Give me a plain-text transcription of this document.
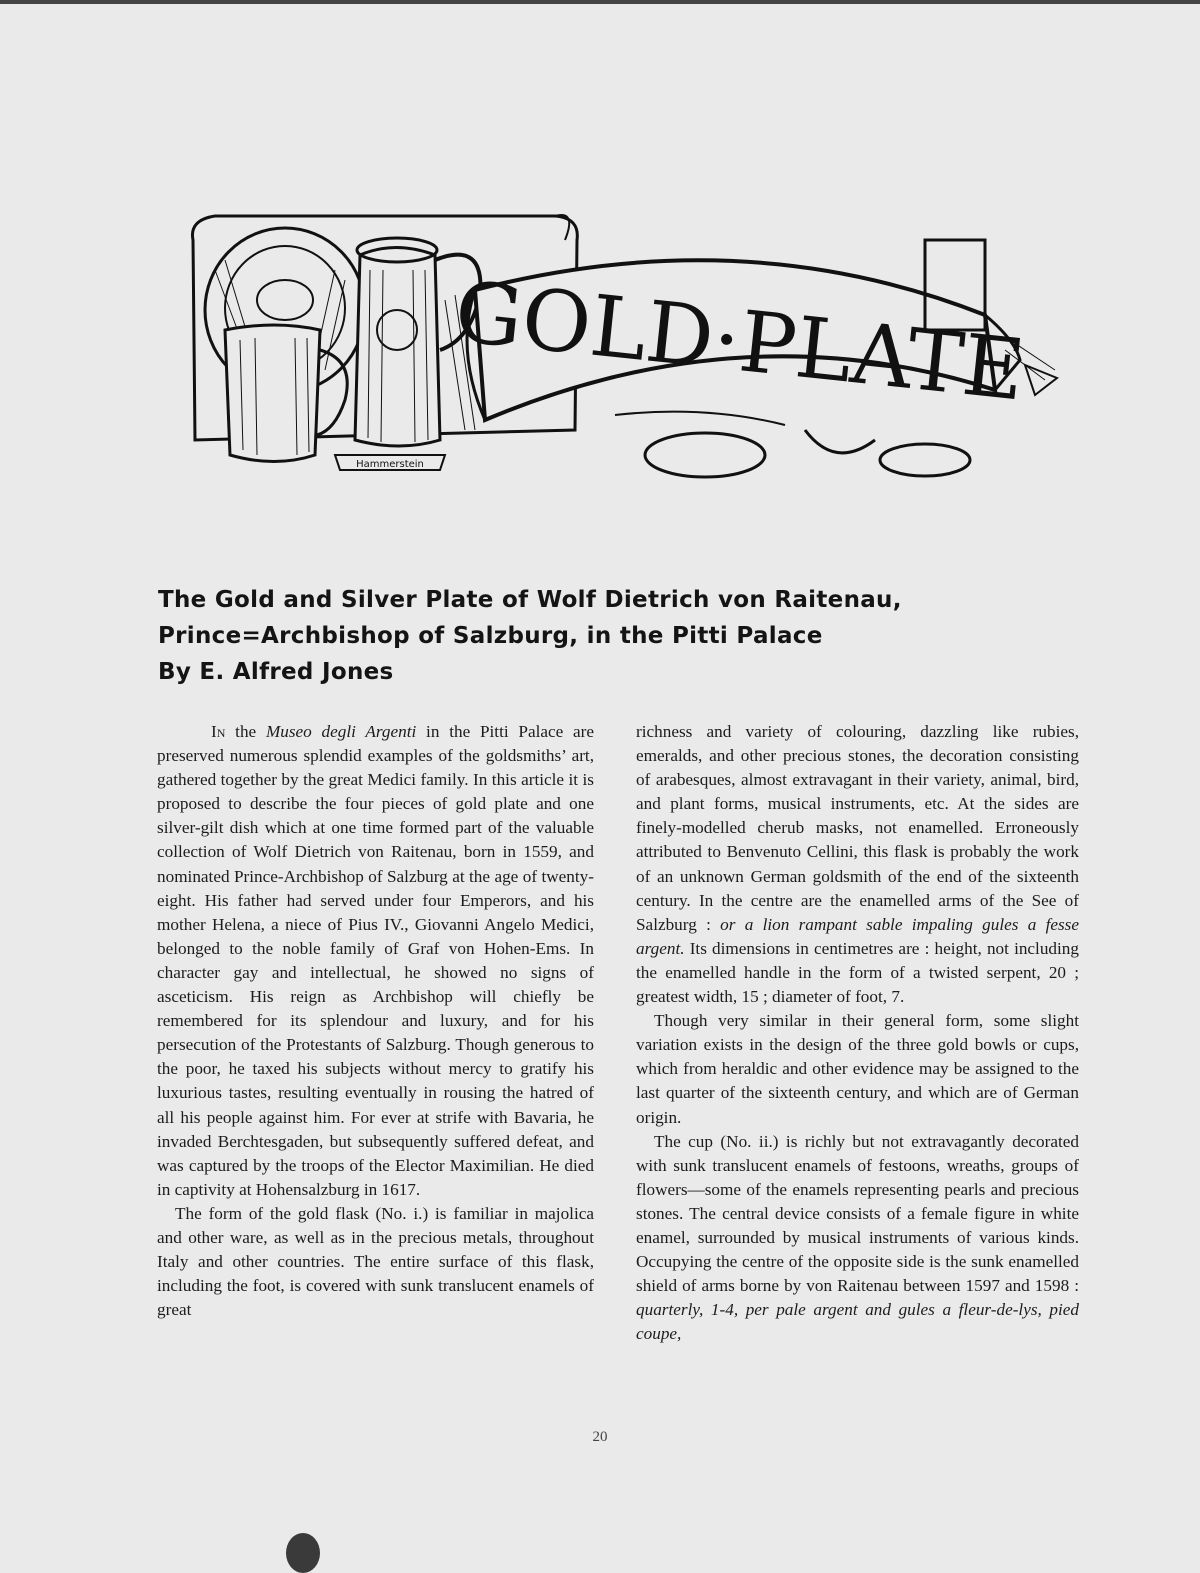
Hammerstein
GOLD·PLATE
The Gold and Silver Plate of Wolf Dietrich von Raitenau,
Prince=Archbishop of Salzburg, in the Pitti Palace
By E. Alfred Jones

In the Museo degli Argenti in the Pitti Palace are preserved numerous splendid examples of the goldsmiths’ art, gathered together by the great Medici family. In this article it is proposed to describe the four pieces of gold plate and one silver-gilt dish which at one time formed part of the valuable collection of Wolf Dietrich von Raitenau, born in 1559, and nominated Prince-Archbishop of Salzburg at the age of twenty-eight. His father had served under four Emperors, and his mother Helena, a niece of Pius IV., Giovanni Angelo Medici, belonged to the noble family of Graf von Hohen-Ems. In character gay and intellectual, he showed no signs of asceticism. His reign as Archbishop will chiefly be remembered for its splendour and luxury, and for his persecution of the Protestants of Salzburg. Though generous to the poor, he taxed his subjects without mercy to gratify his luxurious tastes, resulting eventually in rousing the hatred of all his people against him. For ever at strife with Bavaria, he invaded Berchtesgaden, but subsequently suffered defeat, and was captured by the troops of the Elector Maximilian. He died in captivity at Hohensalzburg in 1617.

The form of the gold flask (No. i.) is familiar in majolica and other ware, as well as in the precious metals, throughout Italy and other countries. The entire surface of this flask, including the foot, is covered with sunk translucent enamels of great

richness and variety of colouring, dazzling like rubies, emeralds, and other precious stones, the decoration consisting of arabesques, almost extravagant in their variety, animal, bird, and plant forms, musical instruments, etc. At the sides are finely-modelled cherub masks, not enamelled. Erroneously attributed to Benvenuto Cellini, this flask is probably the work of an unknown German goldsmith of the end of the sixteenth century. In the centre are the enamelled arms of the See of Salzburg : or a lion rampant sable impaling gules a fesse argent. Its dimensions in centimetres are : height, not including the enamelled handle in the form of a twisted serpent, 20 ; greatest width, 15 ; diameter of foot, 7.

Though very similar in their general form, some slight variation exists in the design of the three gold bowls or cups, which from heraldic and other evidence may be assigned to the last quarter of the sixteenth century, and which are of German origin.

The cup (No. ii.) is richly but not extravagantly decorated with sunk translucent enamels of festoons, wreaths, groups of flowers—some of the enamels representing pearls and precious stones. The central device consists of a female figure in white enamel, surrounded by musical instruments of various kinds. Occupying the centre of the opposite side is the sunk enamelled shield of arms borne by von Raitenau between 1597 and 1598 : quarterly, 1-4, per pale argent and gules a fleur-de-lys, pied coupe,

20
